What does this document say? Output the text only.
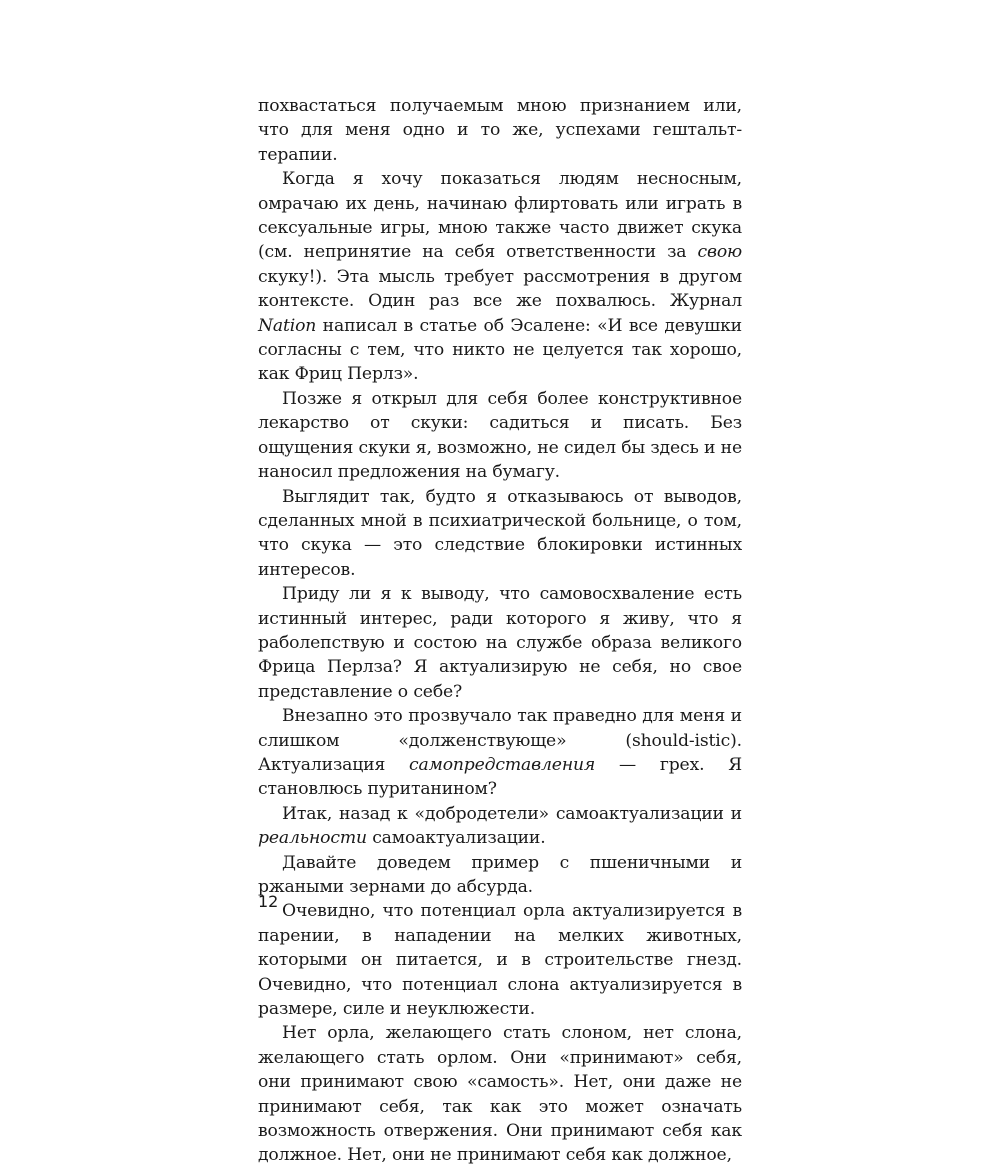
похвастаться получаемым мною признанием или, что для меня одно и то же, успехами гештальт-терапии.

Когда я хочу показаться людям несносным, омрачаю их день, начинаю флиртовать или играть в сексуальные игры, мною также часто движет скука (см. непринятие на себя ответственности за свою скуку!). Эта мысль требует рассмотрения в другом контексте. Один раз все же похвалюсь. Журнал Nation написал в статье об Эсалене: «И все девушки согласны с тем, что никто не целуется так хорошо, как Фриц Перлз».

Позже я открыл для себя более конструктивное лекарство от скуки: садиться и писать. Без ощущения скуки я, возможно, не сидел бы здесь и не наносил предложения на бумагу.

Выглядит так, будто я отказываюсь от выводов, сделанных мной в психиатрической больнице, о том, что скука — это следствие блокировки истинных интересов.

Приду ли я к выводу, что самовосхваление есть истинный интерес, ради которого я живу, что я раболепствую и состою на службе образа великого Фрица Перлза? Я актуализирую не себя, но свое представление о себе?

Внезапно это прозвучало так праведно для меня и слишком «долженствующе» (should-istic). Актуализация самопредставления — грех. Я становлюсь пуританином?

Итак, назад к «добродетели» самоактуализации и реальности самоактуализации.

Давайте доведем пример с пшеничными и ржаными зернами до абсурда.

Очевидно, что потенциал орла актуализируется в парении, в нападении на мелких животных, которыми он питается, и в строительстве гнезд. Очевидно, что потенциал слона актуализируется в размере, силе и неуклюжести.

Нет орла, желающего стать слоном, нет слона, желающего стать орлом. Они «принимают» себя, они принимают свою «самость». Нет, они даже не принимают себя, так как это может означать возможность отвержения. Они принимают себя как должное. Нет, они не принимают себя как должное,

12
